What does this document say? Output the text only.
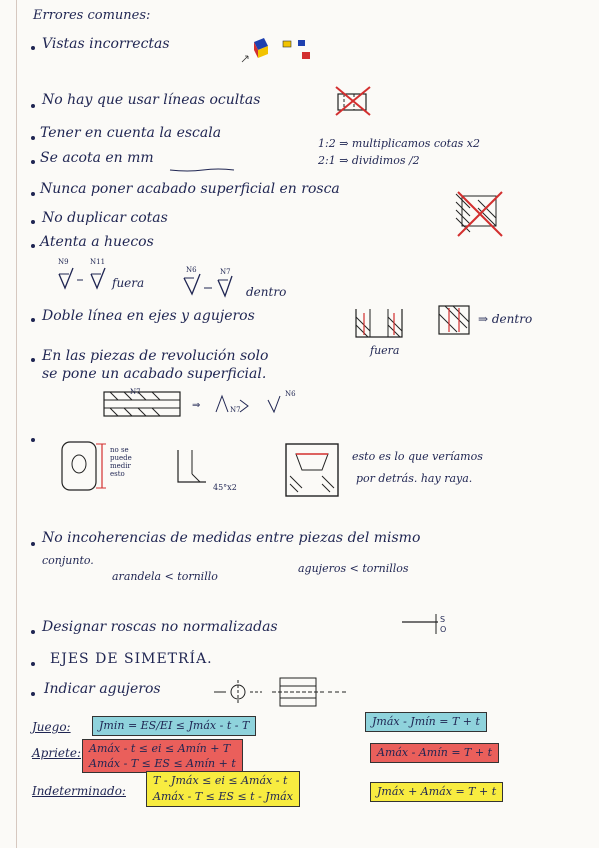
Errores comunes:
Vistas incorrectas
No hay que usar líneas ocultas
Tener en cuenta la escala
1:2 ⇒ multiplicamos cotas x2
Se acota en mm	2:1 ⇒ dividimos /2
Nunca poner acabado superficial en rosca
No duplicar cotas
Atenta a huecos
N9	N11
fuera
N6	N7
dentro
Doble línea en ejes y agujeros
fuera
⇒ dentro
En las piezas de revolución solo
se pone un acabado superficial.
⇒
N7
N7
N6
no se puede medir esto
45°x2
esto es lo que veríamos
por detrás. hay raya.
No incoherencias de medidas entre piezas del mismo
conjunto.
arandela < tornillo
agujeros < tornillos
Designar roscas no normalizadas	S
O
EJES DE SIMETRÍA.
Indicar agujeros
Juego:	Jmin = ES/EI ≤ Jmáx - t - T	Jmáx - Jmín = T + t
Apriete: Amáx - t ≤ ei ≤ Amín + T
Amáx - T ≤ ES ≤ Amín + t
Amáx - Amín = T + t
Indeterminado:
T - Jmáx ≤ ei ≤ Amáx - t
Amáx - T ≤ ES ≤ t - Jmáx	Jmáx + Amáx = T + t
